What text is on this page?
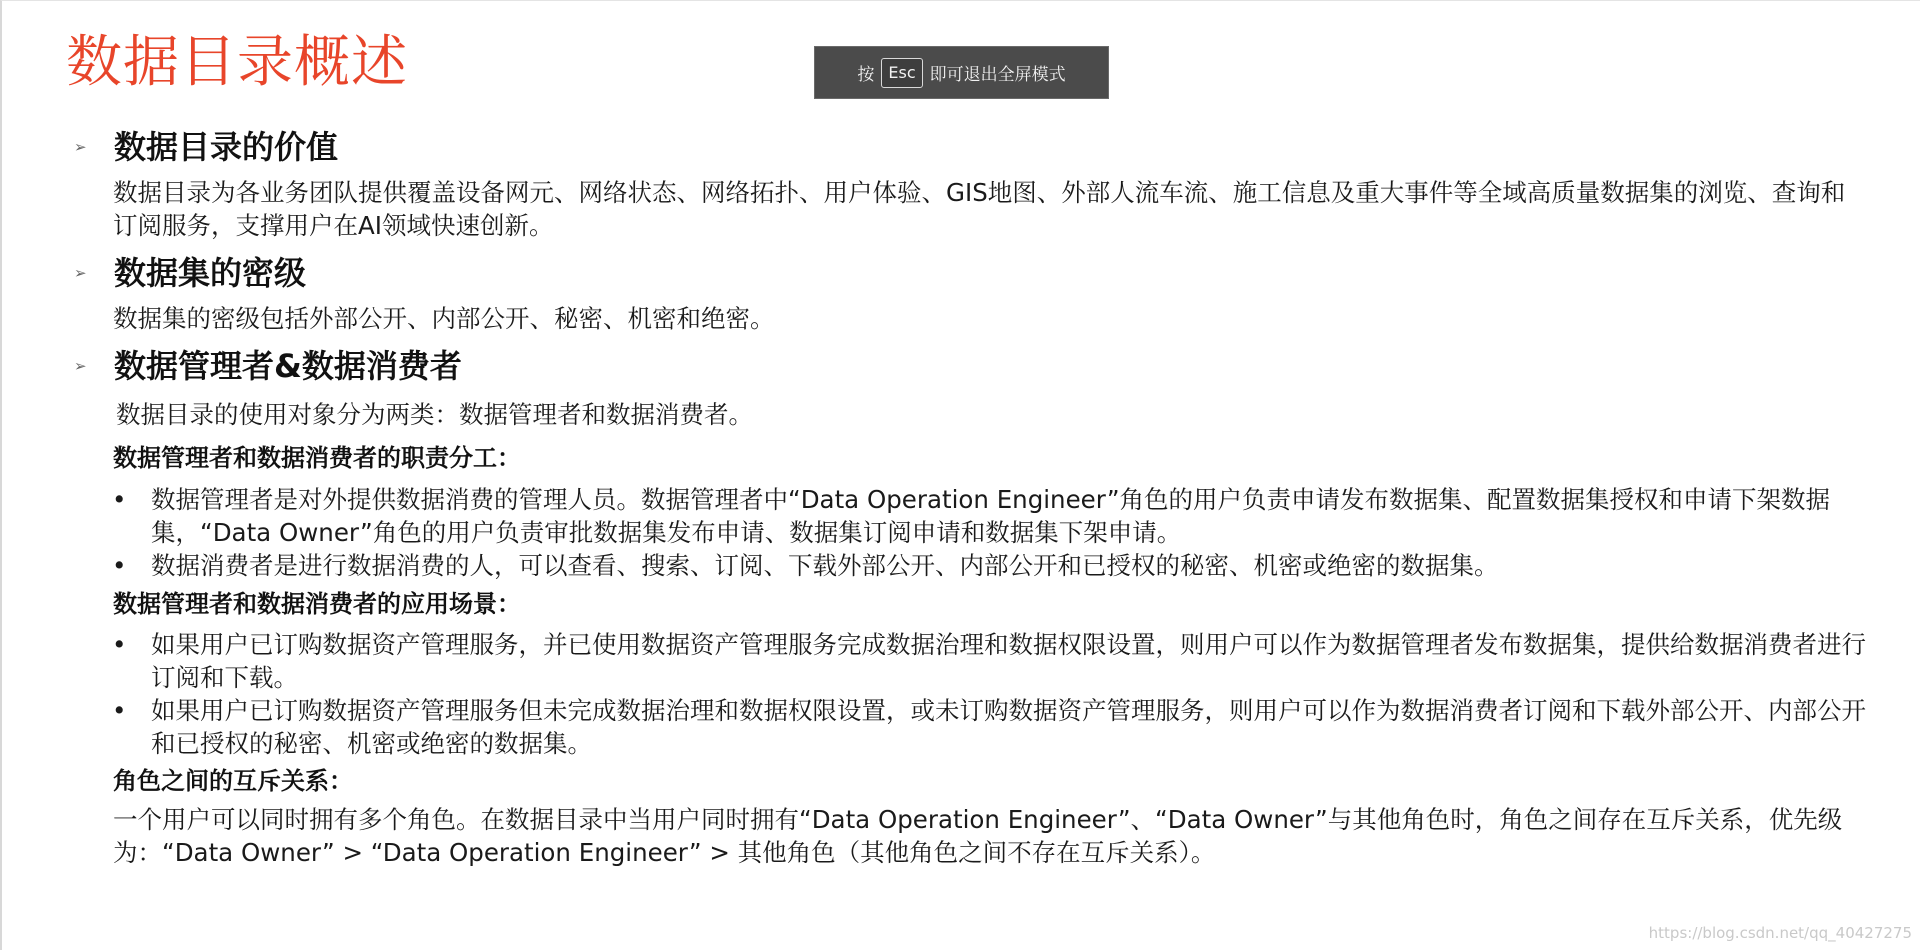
数据目录概述	按 Esc 即可退出全屏模式
➢ 数据目录的价值
数据目录为各业务团队提供覆盖设备网元、网络状态、网络拓扑、用户体验、GIS地图、外部人流车流、施工信息及重大事件等全域高质量数据集的浏览、查询和订阅服务，支撑用户在AI领域快速创新。
➢ 数据集的密级
数据集的密级包括外部公开、内部公开、秘密、机密和绝密。
➢ 数据管理者&数据消费者
数据目录的使用对象分为两类：数据管理者和数据消费者。
数据管理者和数据消费者的职责分工：
• 数据管理者是对外提供数据消费的管理人员。数据管理者中“Data Operation Engineer”角色的用户负责申请发布数据集、配置数据集授权和申请下架数据集，“Data Owner”角色的用户负责审批数据集发布申请、数据集订阅申请和数据集下架申请。
• 数据消费者是进行数据消费的人，可以查看、搜索、订阅、下载外部公开、内部公开和已授权的秘密、机密或绝密的数据集。
数据管理者和数据消费者的应用场景：
• 如果用户已订购数据资产管理服务，并已使用数据资产管理服务完成数据治理和数据权限设置，则用户可以作为数据管理者发布数据集，提供给数据消费者进行订阅和下载。
• 如果用户已订购数据资产管理服务但未完成数据治理和数据权限设置，或未订购数据资产管理服务，则用户可以作为数据消费者订阅和下载外部公开、内部公开和已授权的秘密、机密或绝密的数据集。
角色之间的互斥关系：
一个用户可以同时拥有多个角色。在数据目录中当用户同时拥有“Data Operation Engineer”、“Data Owner”与其他角色时，角色之间存在互斥关系，优先级为：“Data Owner” > “Data Operation Engineer” > 其他角色（其他角色之间不存在互斥关系）。
https://blog.csdn.net/qq_40427275
